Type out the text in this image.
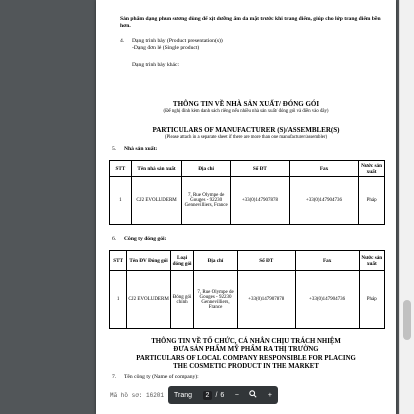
Sản phẩm dạng phun sương dùng để xịt dưỡng ẩm da mặt trước khi trang điểm, giúp cho lớp trang điểm bền hơn.
4.	Dạng trình bày (Product presentation(s))
-Dạng đơn lẻ (Single product)
Dạng trình bày khác:
THÔNG TIN VỀ NHÀ SẢN XUẤT/ ĐÓNG GÓI
(Để nghị đính kèm danh sách riêng nếu nhiều nhà sản xuất/ đóng gói và điền vào đây)
PARTICULARS OF MANUFACTURER (S)/ASSEMBLER(S)
(Please attach in a separate sheet if there are more than one manufacturer/assembler)
5.	Nhà sản xuất:
STT	Tên nhà sản xuất	Địa chỉ	Số ĐT	Fax	Nước sản xuất
1	CJ2 EVOLUDERM	7, Rue Olympe de Gouges - 92230 Gennevilliers, France	+33(0)147907878	+33(0)147904736	Pháp
6.	Công ty đóng gói:
STT	Tên ĐV Đóng gói	Loại đóng gói	Địa chỉ	Số ĐT	Fax	Nước sản xuất
1	CJ2 EVOLUDERM	Đóng gói chính	7, Rue Olympe de Gouges - 92230 Gennevilliers, France	+33(0)147907878	+33(0)147904736	Pháp
THÔNG TIN VỀ TỔ CHỨC, CÁ NHÂN CHỊU TRÁCH NHIỆM
ĐƯA SẢN PHẨM MỸ PHẨM RA THỊ TRƯỜNG
PARTICULARS OF LOCAL COMPANY RESPONSIBLE FOR PLACING
THE COSMETIC PRODUCT IN THE MARKET
7.	Tên công ty (Name of company):
Mã hồ sơ: 16201	Trang	2 / 6 −	+
